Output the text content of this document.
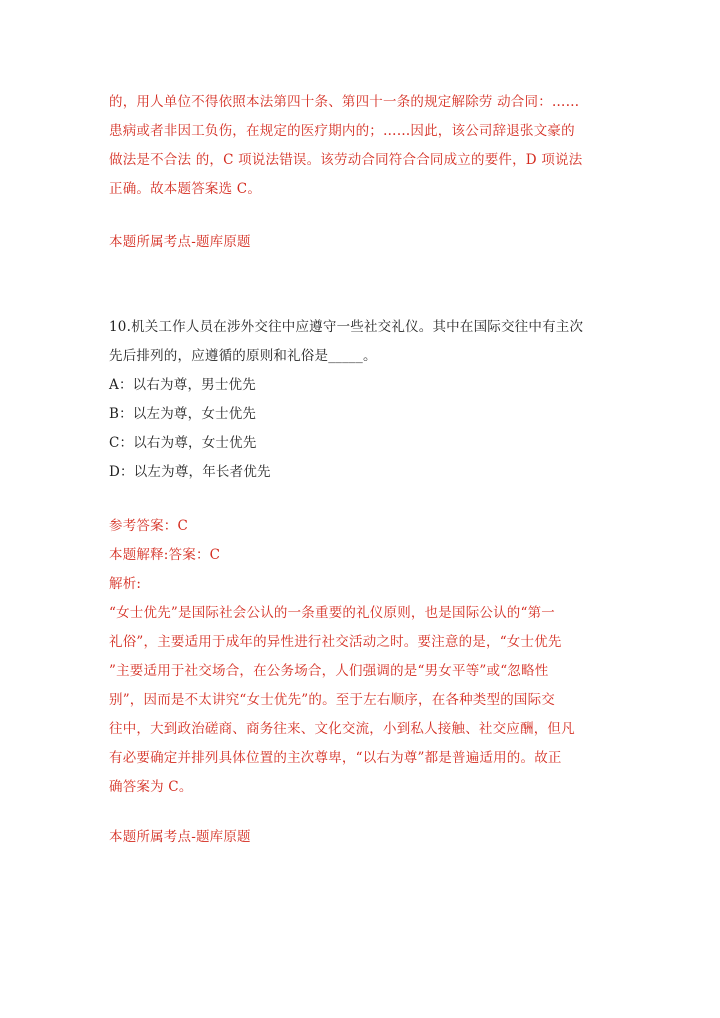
的，用人单位不得依照本法第四十条、第四十一条的规定解除劳 动合同：……
患病或者非因工负伤，在规定的医疗期内的；……因此，该公司辞退张文豪的
做法是不合法 的，C 项说法错误。该劳动合同符合合同成立的要件，D 项说法
正确。故本题答案选 C。
本题所属考点-题库原题
10.机关工作人员在涉外交往中应遵守一些社交礼仪。其中在国际交往中有主次
先后排列的，应遵循的原则和礼俗是_____。
A：以右为尊，男士优先
B：以左为尊，女士优先
C：以右为尊，女士优先
D：以左为尊，年长者优先
参考答案：C
本题解释:答案：C
解析:
“女士优先”是国际社会公认的一条重要的礼仪原则，也是国际公认的“第一
礼俗”，主要适用于成年的异性进行社交活动之时。要注意的是，“女士优先
”主要适用于社交场合，在公务场合，人们强调的是“男女平等”或“忽略性
别”，因而是不太讲究“女士优先”的。至于左右顺序，在各种类型的国际交
往中，大到政治磋商、商务往来、文化交流，小到私人接触、社交应酬，但凡
有必要确定并排列具体位置的主次尊卑，“以右为尊”都是普遍适用的。故正
确答案为 C。
本题所属考点-题库原题
